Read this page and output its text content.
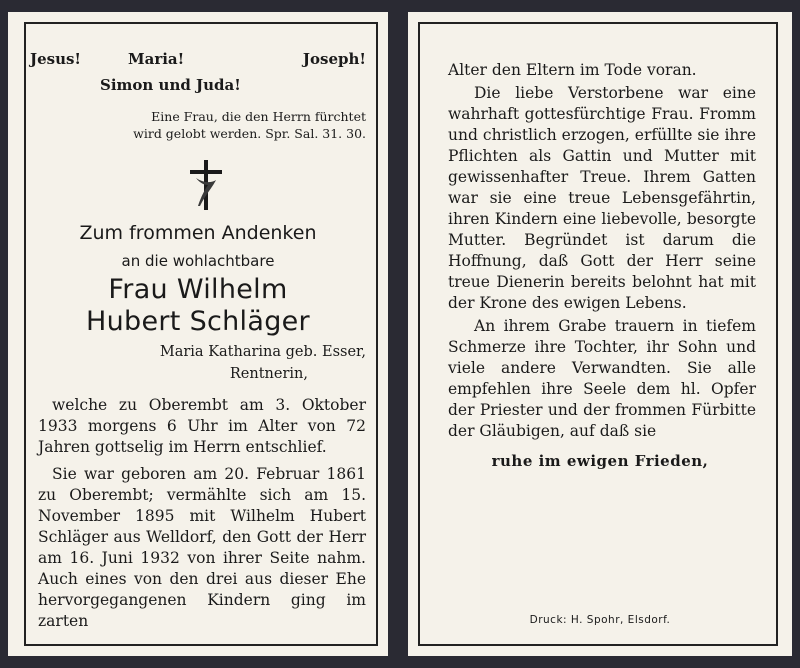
Jesus!	Maria!	Joseph!
Simon und Juda!
Eine Frau, die den Herrn fürchtet
wird gelobt werden. Spr. Sal. 31. 30.
Zum frommen Andenken
an die wohlachtbare
Frau Wilhelm
Hubert Schläger
Maria Katharina geb. Esser,
Rentnerin,

welche zu Oberembt am 3. Oktober 1933 morgens 6 Uhr im Alter von 72 Jahren gottselig im Herrn entschlief.

Sie war geboren am 20. Februar 1861 zu Oberembt; vermählte sich am 15. November 1895 mit Wilhelm Hubert Schläger aus Welldorf, den Gott der Herr am 16. Juni 1932 von ihrer Seite nahm. Auch eines von den drei aus dieser Ehe hervorgegangenen Kindern ging im zarten

Alter den Eltern im Tode voran.

Die liebe Verstorbene war eine wahrhaft gottesfürchtige Frau. Fromm und christlich erzogen, erfüllte sie ihre Pflichten als Gattin und Mutter mit gewissenhafter Treue. Ihrem Gatten war sie eine treue Lebensgefährtin, ihren Kindern eine liebevolle, besorgte Mutter. Begründet ist darum die Hoffnung, daß Gott der Herr seine treue Dienerin bereits belohnt hat mit der Krone des ewigen Lebens.

An ihrem Grabe trauern in tiefem Schmerze ihre Tochter, ihr Sohn und viele andere Verwandten. Sie alle empfehlen ihre Seele dem hl. Opfer der Priester und der frommen Fürbitte der Gläubigen, auf daß sie

ruhe im ewigen Frieden,
Druck: H. Spohr, Elsdorf.
